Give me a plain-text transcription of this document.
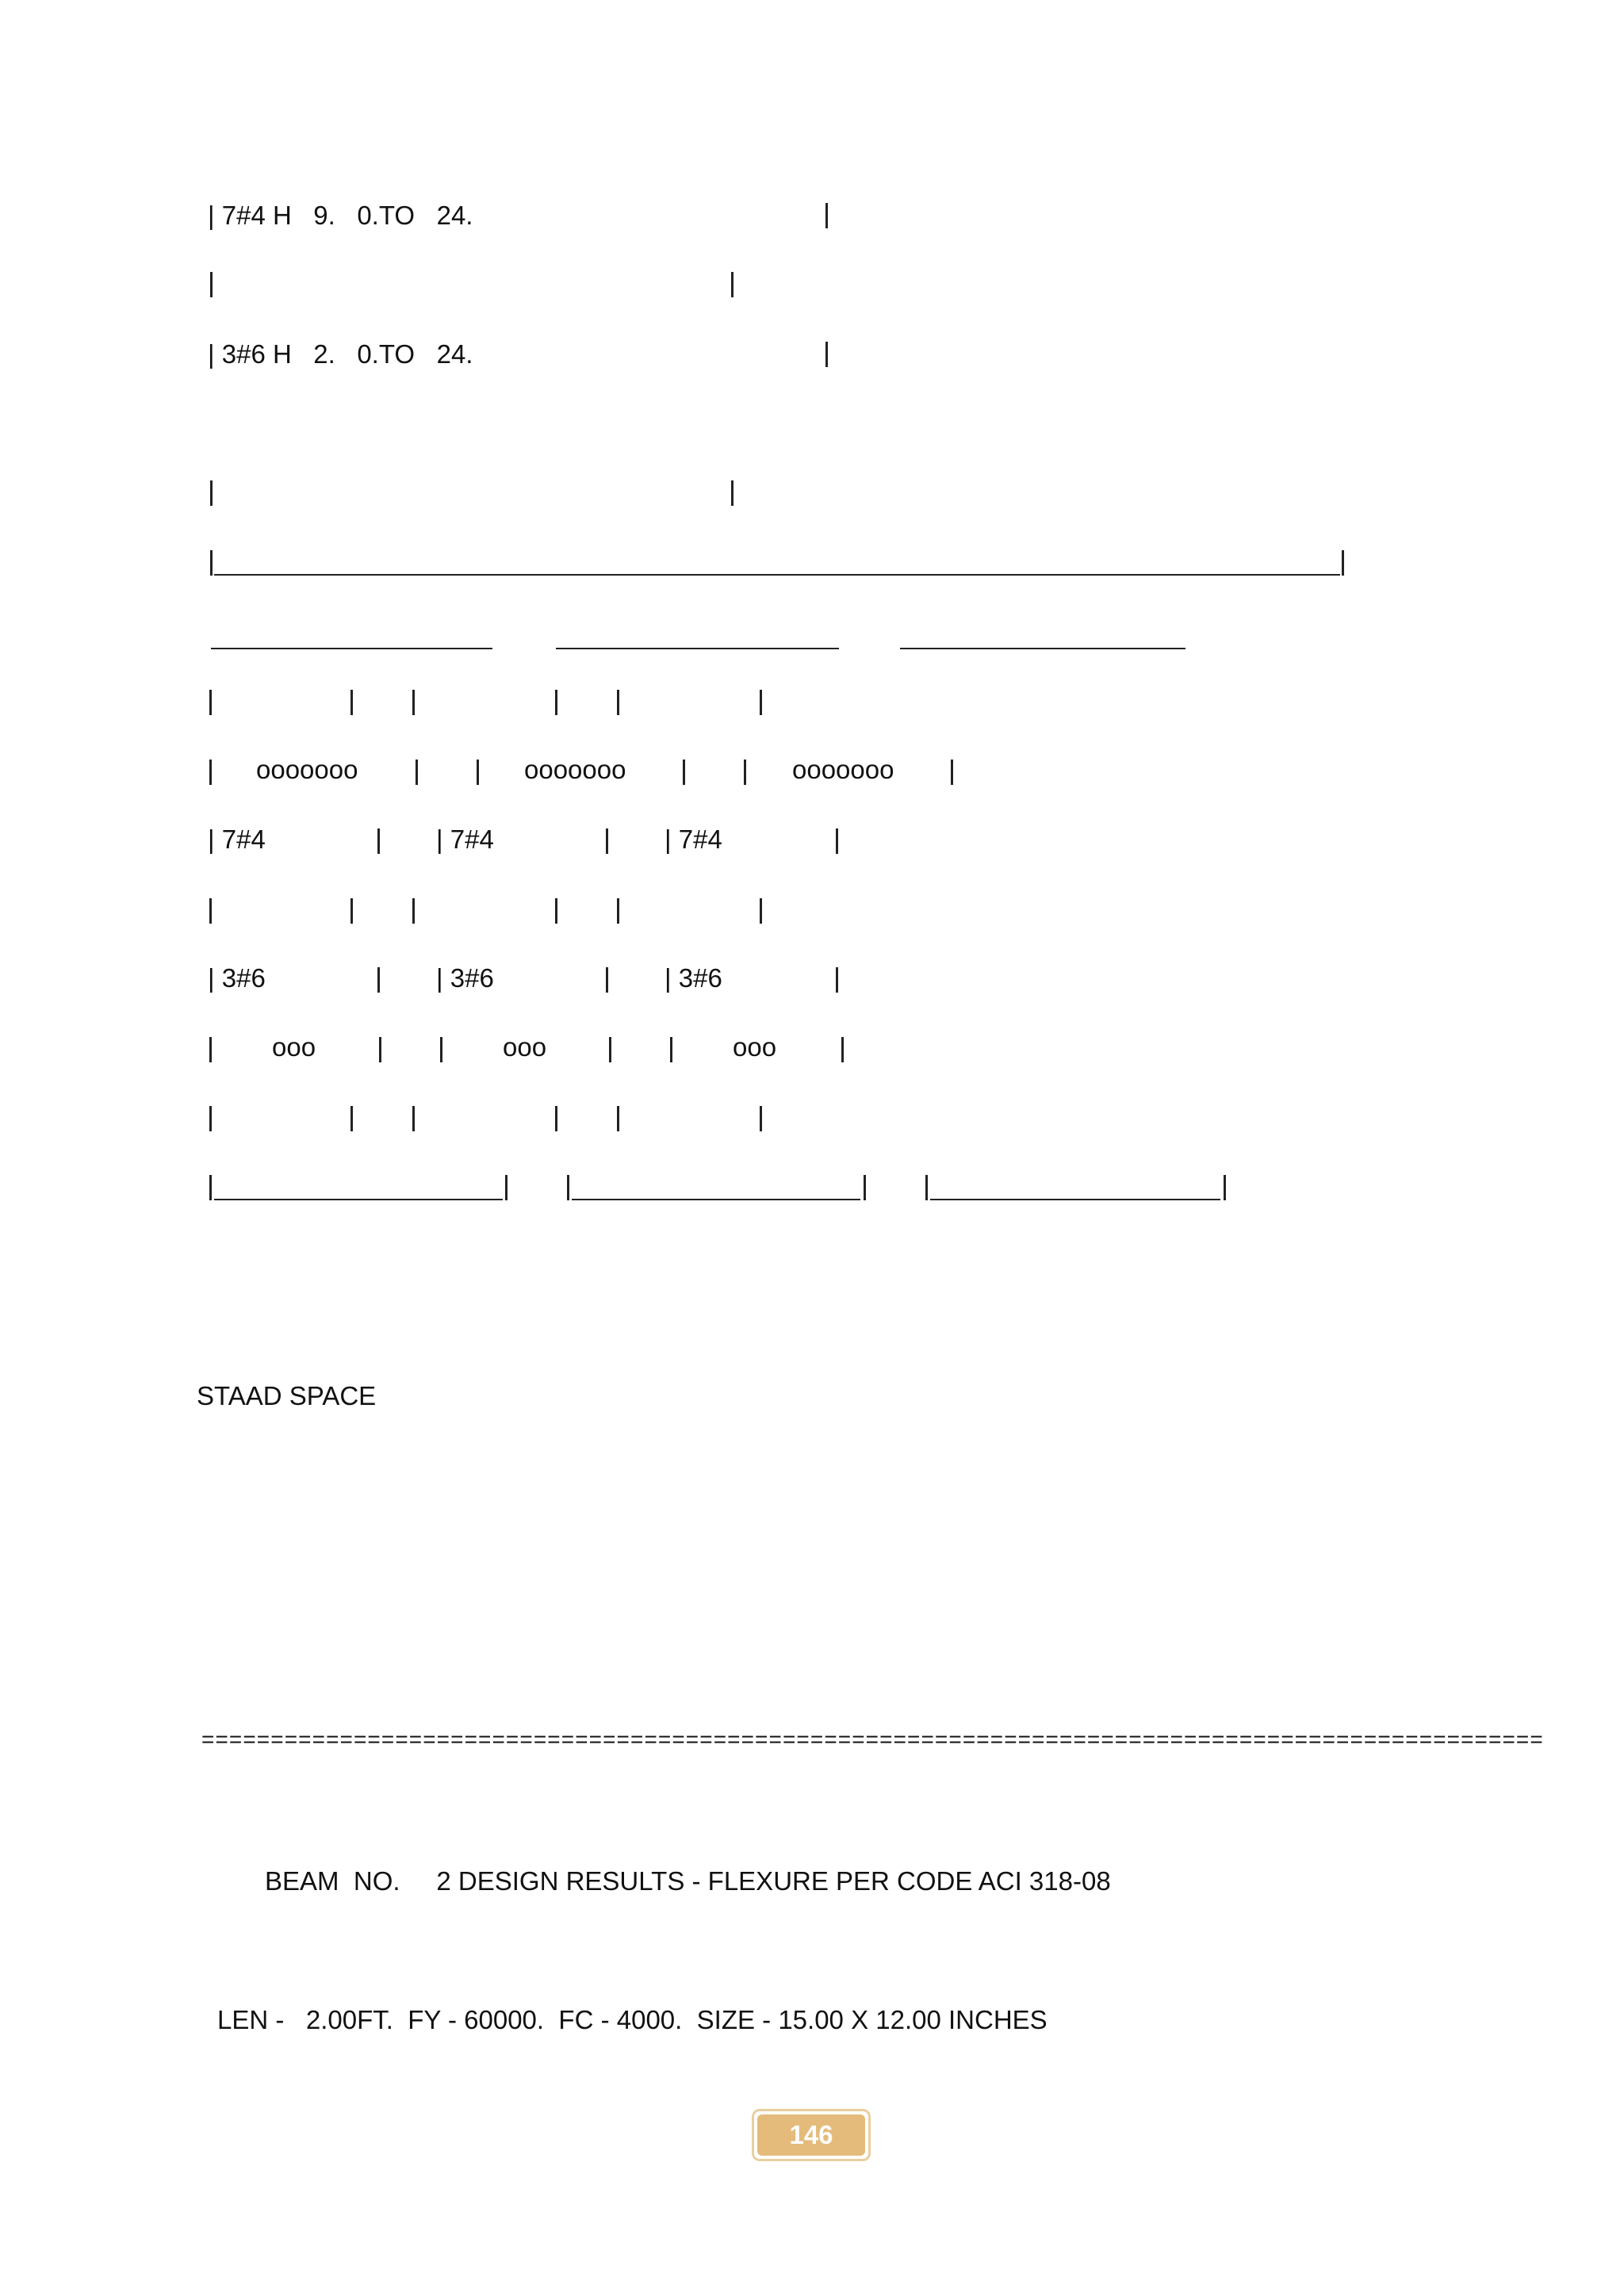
| 7#4 H   9.   0.TO   24.
| 3#6 H   2.   0.TO   24.
ooooooo	ooooooo	ooooooo
| 7#4	| 7#4	| 7#4
| 3#6	| 3#6	| 3#6
ooo	ooo	ooo
STAAD SPACE
=================================================================================================
BEAM  NO.     2 DESIGN RESULTS - FLEXURE PER CODE ACI 318-08
LEN -   2.00FT.  FY - 60000.  FC - 4000.  SIZE - 15.00 X 12.00 INCHES
146
